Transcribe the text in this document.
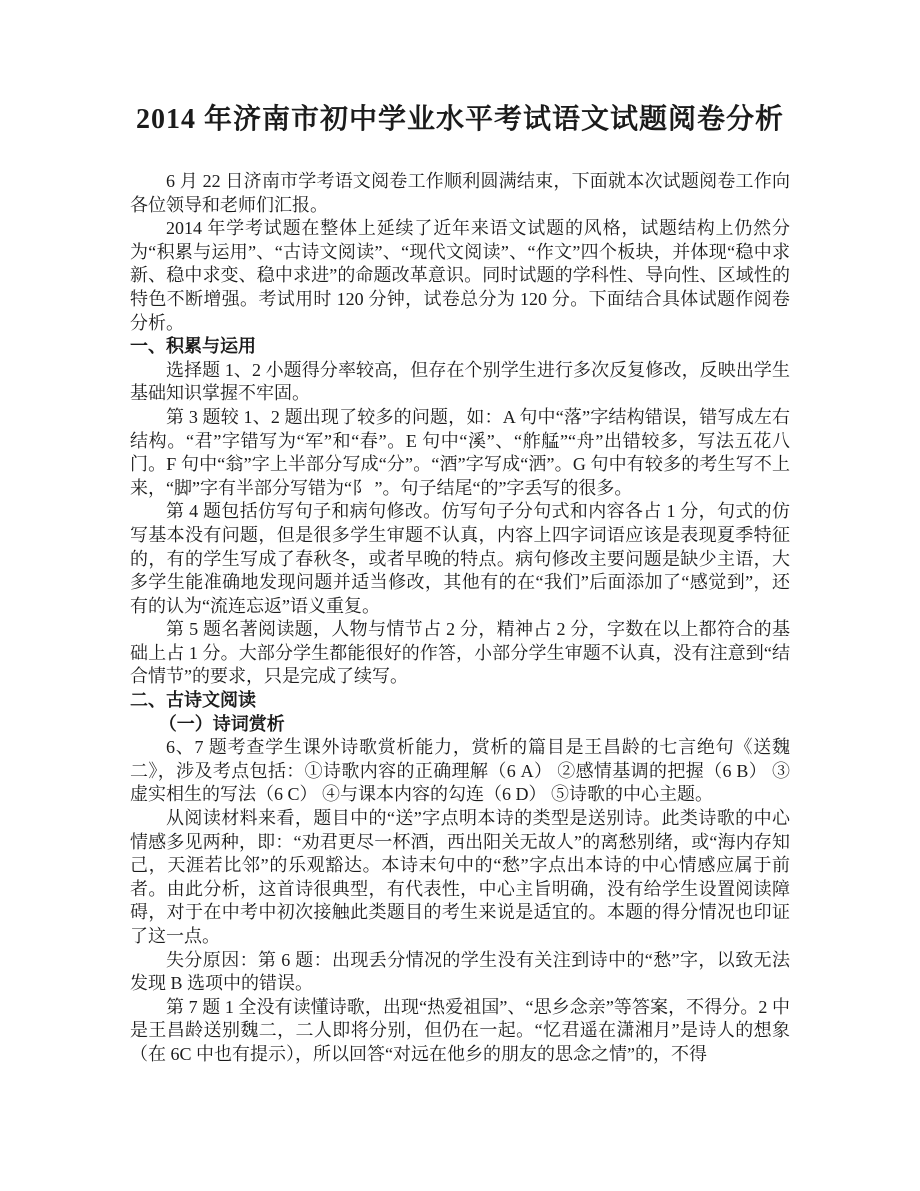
2014 年济南市初中学业水平考试语文试题阅卷分析

6 月 22 日济南市学考语文阅卷工作顺利圆满结束，下面就本次试题阅卷工作向各位领导和老师们汇报。

2014 年学考试题在整体上延续了近年来语文试题的风格，试题结构上仍然分为“积累与运用”、“古诗文阅读”、“现代文阅读”、“作文”四个板块，并体现“稳中求新、稳中求变、稳中求进”的命题改革意识。同时试题的学科性、导向性、区域性的特色不断增强。考试用时 120 分钟，试卷总分为 120 分。下面结合具体试题作阅卷分析。

一、积累与运用

选择题 1、2 小题得分率较高，但存在个别学生进行多次反复修改，反映出学生基础知识掌握不牢固。

第 3 题较 1、2 题出现了较多的问题，如：A 句中“落”字结构错误，错写成左右结构。“君”字错写为“军”和“春”。E 句中“溪”、“舴艋”“舟”出错较多，写法五花八门。F 句中“翁”字上半部分写成“分”。“酒”字写成“洒”。G 句中有较多的考生写不上来，“脚”字有半部分写错为“阝 ”。句子结尾“的”字丢写的很多。

第 4 题包括仿写句子和病句修改。仿写句子分句式和内容各占 1 分，句式的仿写基本没有问题，但是很多学生审题不认真，内容上四字词语应该是表现夏季特征的，有的学生写成了春秋冬，或者早晚的特点。病句修改主要问题是缺少主语，大多学生能准确地发现问题并适当修改，其他有的在“我们”后面添加了“感觉到”，还有的认为“流连忘返”语义重复。

第 5 题名著阅读题，人物与情节占 2 分，精神占 2 分，字数在以上都符合的基础上占 1 分。大部分学生都能很好的作答，小部分学生审题不认真，没有注意到“结合情节”的要求，只是完成了续写。

二、古诗文阅读

（一）诗词赏析

6、7 题考查学生课外诗歌赏析能力，赏析的篇目是王昌龄的七言绝句《送魏二》，涉及考点包括：①诗歌内容的正确理解（6 A） ②感情基调的把握（6 B） ③虚实相生的写法（6 C） ④与课本内容的勾连（6 D） ⑤诗歌的中心主题。

从阅读材料来看，题目中的“送”字点明本诗的类型是送别诗。此类诗歌的中心情感多见两种，即：“劝君更尽一杯酒，西出阳关无故人”的离愁别绪，或“海内存知己，天涯若比邻”的乐观豁达。本诗末句中的“愁”字点出本诗的中心情感应属于前者。由此分析，这首诗很典型，有代表性，中心主旨明确，没有给学生设置阅读障碍，对于在中考中初次接触此类题目的考生来说是适宜的。本题的得分情况也印证了这一点。

失分原因：第 6 题：出现丢分情况的学生没有关注到诗中的“愁”字，以致无法发现 B 选项中的错误。

第 7 题 1 全没有读懂诗歌，出现“热爱祖国”、“思乡念亲”等答案，不得分。2 中是王昌龄送别魏二，二人即将分别，但仍在一起。“忆君遥在潇湘月”是诗人的想象（在 6C 中也有提示），所以回答“对远在他乡的朋友的思念之情”的，不得
